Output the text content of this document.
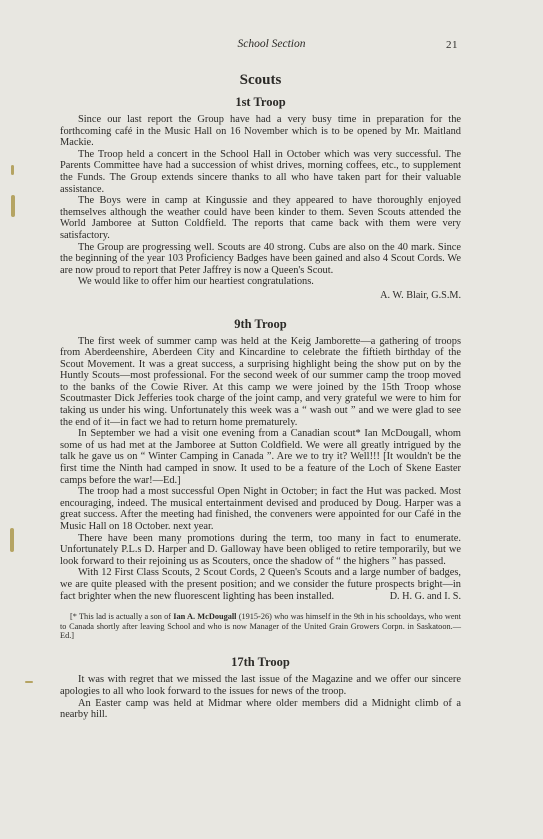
School Section	21
Scouts
1st Troop

Since our last report the Group have had a very busy time in preparation for the forthcoming café in the Music Hall on 16 November which is to be opened by Mr. Maitland Mackie.

The Troop held a concert in the School Hall in October which was very successful. The Parents Committee have had a succession of whist drives, morning coffees, etc., to supplement the Funds. The Group extends sincere thanks to all who have taken part for their valuable assistance.

The Boys were in camp at Kingussie and they appeared to have thoroughly enjoyed themselves although the weather could have been kinder to them. Seven Scouts attended the World Jamboree at Sutton Coldfield. The reports that came back with them were very satisfactory.

The Group are progressing well. Scouts are 40 strong. Cubs are also on the 40 mark. Since the beginning of the year 103 Proficiency Badges have been gained and also 4 Scout Cords. We are now proud to report that Peter Jaffrey is now a Queen's Scout.

We would like to offer him our heartiest congratulations.

A. W. Blair, G.S.M.

9th Troop

The first week of summer camp was held at the Keig Jamborette—a gathering of troops from Aberdeenshire, Aberdeen City and Kincardine to celebrate the fiftieth birthday of the Scout Movement. It was a great success, a surprising highlight being the show put on by the Huntly Scouts—most professional. For the second week of our summer camp the troop moved to the banks of the Cowie River. At this camp we were joined by the 15th Troop whose Scoutmaster Dick Jefferies took charge of the joint camp, and very grateful we were to him for taking us under his wing. Unfortunately this week was a “ wash out ” and we were glad to see the end of it—in fact we had to return home prematurely.

In September we had a visit one evening from a Canadian scout* Ian McDougall, whom some of us had met at the Jamboree at Sutton Coldfield. We were all greatly intrigued by the talk he gave us on “ Winter Camping in Canada ”. Are we to try it? Well!!! [It wouldn't be the first time the Ninth had camped in snow. It used to be a feature of the Loch of Skene Easter camps before the war!—Ed.]

The troop had a most successful Open Night in October; in fact the Hut was packed. Most encouraging, indeed. The musical entertainment devised and produced by Doug. Harper was a great success. After the meeting had finished, the conveners were appointed for our Café in the Music Hall on 18 October. next year.

There have been many promotions during the term, too many in fact to enumerate. Unfortunately P.L.s D. Harper and D. Galloway have been obliged to retire temporarily, but we look forward to their rejoining us as Scouters, once the shadow of “ the highers ” has passed.

With 12 First Class Scouts, 2 Scout Cords, 2 Queen's Scouts and a large number of badges, we are quite pleased with the present position; and we consider the future prospects bright—in fact brighter when the new fluorescent lighting has been installed.	D. H. G. and I. S.

[* This lad is actually a son of Ian A. McDougall (1915-26) who was himself in the 9th in his schooldays, who went to Canada shortly after leaving School and who is now Manager of the United Grain Growers Corpn. in Saskatoon.—Ed.]

17th Troop

It was with regret that we missed the last issue of the Magazine and we offer our sincere apologies to all who look forward to the issues for news of the troop.

An Easter camp was held at Midmar where older members did a Midnight climb of a nearby hill.
